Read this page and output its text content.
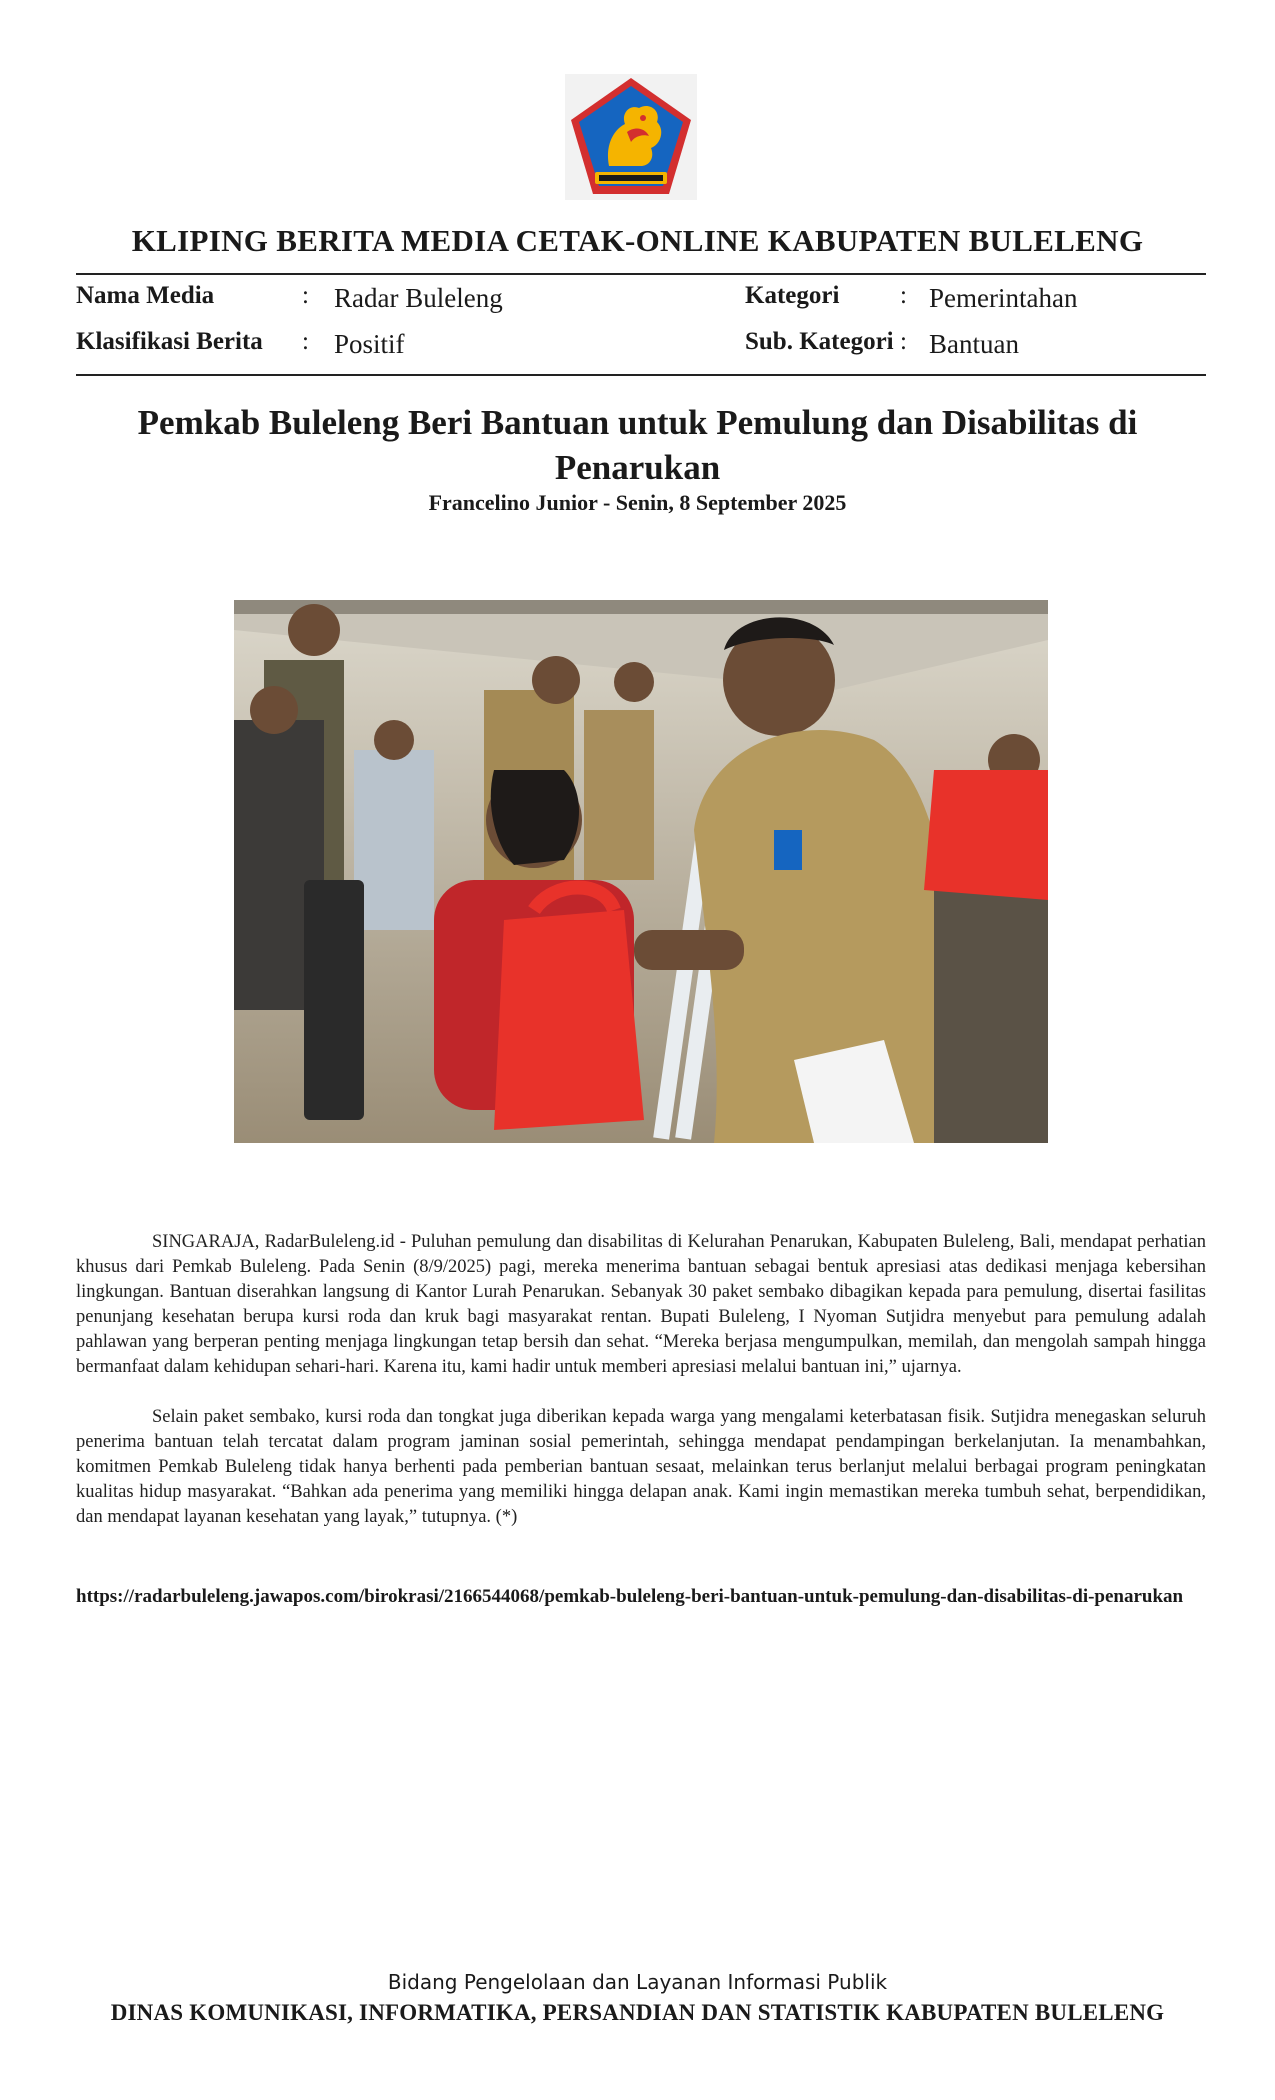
KLIPING BERITA MEDIA CETAK-ONLINE KABUPATEN BULELENG
Nama Media	: Radar Buleleng
Klasifikasi Berita : Positif
Kategori : Pemerintahan
Sub. Kategori : Bantuan
Pemkab Buleleng Beri Bantuan untuk Pemulung dan Disabilitas di Penarukan
Francelino Junior - Senin, 8 September 2025

SINGARAJA, RadarBuleleng.id - Puluhan pemulung dan disabilitas di Kelurahan Penarukan, Kabupaten Buleleng, Bali, mendapat perhatian khusus dari Pemkab Buleleng. Pada Senin (8/9/2025) pagi, mereka menerima bantuan sebagai bentuk apresiasi atas dedikasi menjaga kebersihan lingkungan. Bantuan diserahkan langsung di Kantor Lurah Penarukan. Sebanyak 30 paket sembako dibagikan kepada para pemulung, disertai fasilitas penunjang kesehatan berupa kursi roda dan kruk bagi masyarakat rentan. Bupati Buleleng, I Nyoman Sutjidra menyebut para pemulung adalah pahlawan yang berperan penting menjaga lingkungan tetap bersih dan sehat. “Mereka berjasa mengumpulkan, memilah, dan mengolah sampah hingga bermanfaat dalam kehidupan sehari-hari. Karena itu, kami hadir untuk memberi apresiasi melalui bantuan ini,” ujarnya.

Selain paket sembako, kursi roda dan tongkat juga diberikan kepada warga yang mengalami keterbatasan fisik. Sutjidra menegaskan seluruh penerima bantuan telah tercatat dalam program jaminan sosial pemerintah, sehingga mendapat pendampingan berkelanjutan. Ia menambahkan, komitmen Pemkab Buleleng tidak hanya berhenti pada pemberian bantuan sesaat, melainkan terus berlanjut melalui berbagai program peningkatan kualitas hidup masyarakat. “Bahkan ada penerima yang memiliki hingga delapan anak. Kami ingin memastikan mereka tumbuh sehat, berpendidikan, dan mendapat layanan kesehatan yang layak,” tutupnya. (*)

https://radarbuleleng.jawapos.com/birokrasi/2166544068/pemkab-buleleng-beri-bantuan-untuk-pemulung-dan-disabilitas-di-penarukan
Bidang Pengelolaan dan Layanan Informasi Publik
DINAS KOMUNIKASI, INFORMATIKA, PERSANDIAN DAN STATISTIK KABUPATEN BULELENG
